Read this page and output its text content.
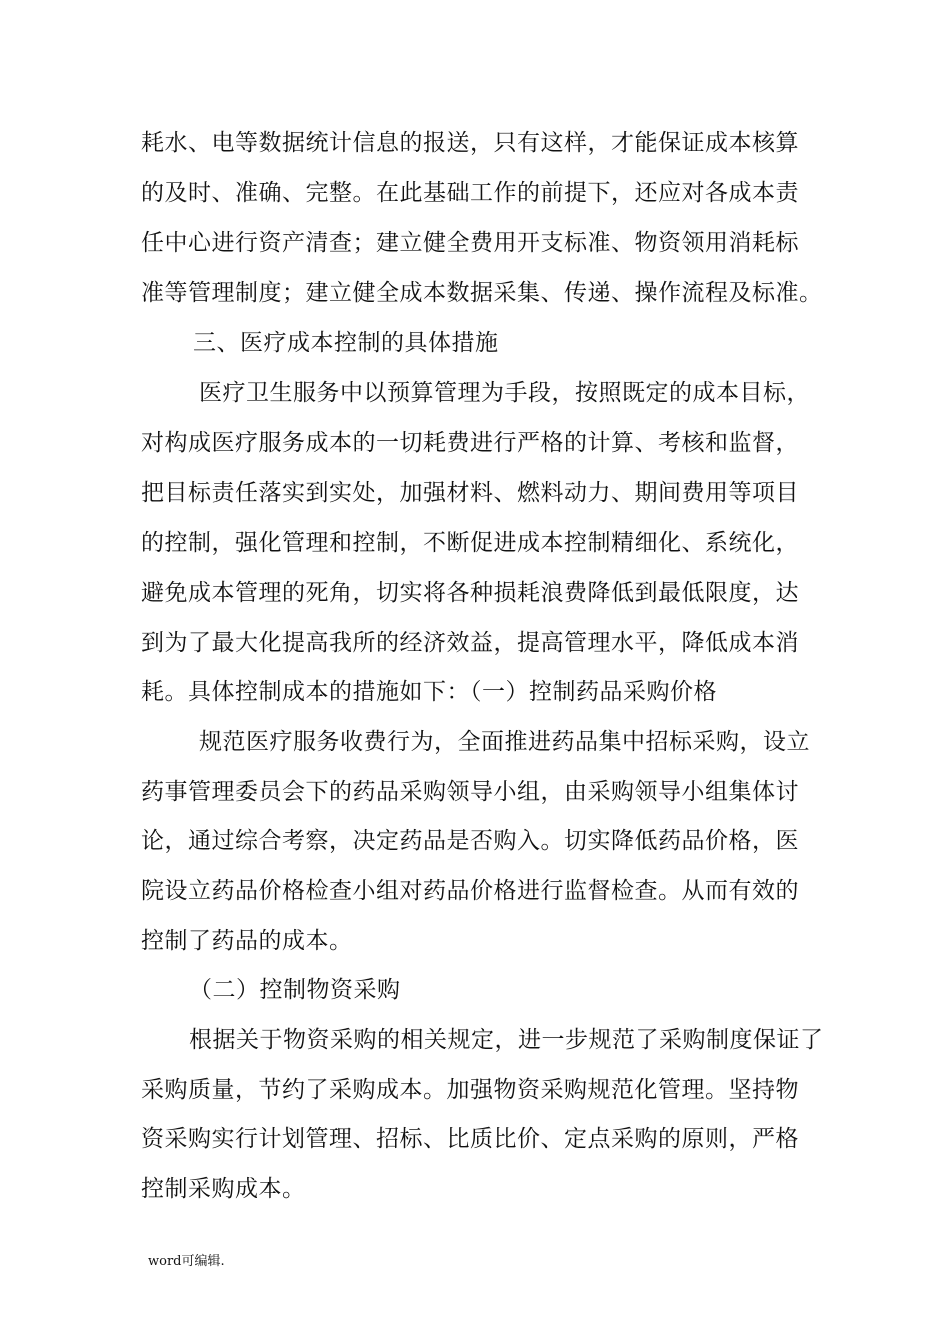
耗水、电等数据统计信息的报送，只有这样，才能保证成本核算
的及时、准确、完整。在此基础工作的前提下，还应对各成本责
任中心进行资产清查；建立健全费用开支标准、物资领用消耗标
准等管理制度；建立健全成本数据采集、传递、操作流程及标准。
三、医疗成本控制的具体措施
医疗卫生服务中以预算管理为手段，按照既定的成本目标，
对构成医疗服务成本的一切耗费进行严格的计算、考核和监督，
把目标责任落实到实处，加强材料、燃料动力、期间费用等项目
的控制，强化管理和控制，不断促进成本控制精细化、系统化，
避免成本管理的死角，切实将各种损耗浪费降低到最低限度，达
到为了最大化提高我所的经济效益，提高管理水平，降低成本消
耗。具体控制成本的措施如下：（一）控制药品采购价格
规范医疗服务收费行为，全面推进药品集中招标采购，设立
药事管理委员会下的药品采购领导小组，由采购领导小组集体讨
论，通过综合考察，决定药品是否购入。切实降低药品价格，医
院设立药品价格检查小组对药品价格进行监督检查。从而有效的
控制了药品的成本。
（二）控制物资采购
根据关于物资采购的相关规定，进一步规范了采购制度保证了
采购质量，节约了采购成本。加强物资采购规范化管理。坚持物
资采购实行计划管理、招标、比质比价、定点采购的原则，严格
控制采购成本。
word可编辑.
